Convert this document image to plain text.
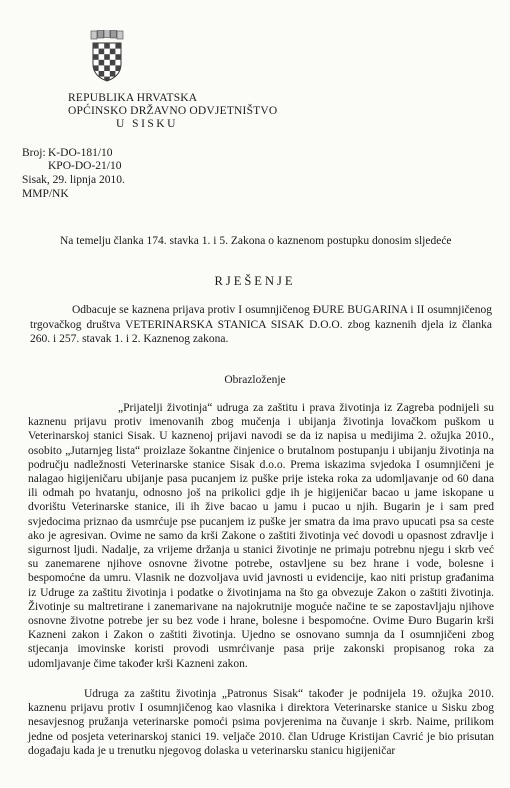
REPUBLIKA HRVATSKA
OPĆINSKO DRŽAVNO ODVJETNIŠTVO
U SISKU
Broj: K-DO-181/10
KPO-DO-21/10
Sisak, 29. lipnja 2010.
MMP/NK
Na temelju članka 174. stavka 1. i 5. Zakona o kaznenom postupku donosim sljedeće
RJEŠENJE
Odbacuje se kaznena prijava protiv I osumnjičenog ĐURE BUGARINA i II osumnjičenog trgovačkog društva VETERINARSKA STANICA SISAK D.O.O. zbog kaznenih djela iz članka 260. i 257. stavak 1. i 2. Kaznenog zakona.
Obrazloženje
„Prijatelji životinja“ udruga za zaštitu i prava životinja iz Zagreba podnijeli su kaznenu prijavu protiv imenovanih zbog mučenja i ubijanja životinja lovačkom puškom u Veterinarskoj stanici Sisak. U kaznenoj prijavi navodi se da iz napisa u medijima 2. ožujka 2010., osobito „Jutarnjeg lista“ proizlaze šokantne činjenice o brutalnom postupanju i ubijanju životinja na području nadležnosti Veterinarske stanice Sisak d.o.o. Prema iskazima svjedoka I osumnjičeni je nalagao higijeničaru ubijanje pasa pucanjem iz puške prije isteka roka za udomljavanje od 60 dana ili odmah po hvatanju, odnosno još na prikolici gdje ih je higijeničar bacao u jame iskopane u dvorištu Veterinarske stanice, ili ih žive bacao u jamu i pucao u njih. Bugarin je i sam pred svjedocima priznao da usmrćuje pse pucanjem iz puške jer smatra da ima pravo upucati psa sa ceste ako je agresivan. Ovime ne samo da krši Zakone o zaštiti životinja već dovodi u opasnost zdravlje i sigurnost ljudi. Nadalje, za vrijeme držanja u stanici životinje ne primaju potrebnu njegu i skrb već su zanemarene njihove osnovne životne potrebe, ostavljene su bez hrane i vode, bolesne i bespomoćne da umru. Vlasnik ne dozvoljava uvid javnosti u evidencije, kao niti pristup građanima iz Udruge za zaštitu životinja i podatke o životinjama na što ga obvezuje Zakon o zaštiti životinja. Životinje su maltretirane i zanemarivane na najokrutnije moguće načine te se zapostavljaju njihove osnovne životne potrebe jer su bez vode i hrane, bolesne i bespomoćne. Ovime Đuro Bugarin krši Kazneni zakon i Zakon o zaštiti životinja. Ujedno se osnovano sumnja da I osumnjičeni zbog stjecanja imovinske koristi provodi usmrćivanje pasa prije zakonski propisanog roka za udomljavanje čime također krši Kazneni zakon.
Udruga za zaštitu životinja „Patronus Sisak“ također je podnijela 19. ožujka 2010. kaznenu prijavu protiv I osumnjičenog kao vlasnika i direktora Veterinarske stanice u Sisku zbog nesavjesnog pružanja veterinarske pomoći psima povjerenima na čuvanje i skrb. Naime, prilikom jedne od posjeta veterinarskoj stanici 19. veljače 2010. član Udruge Kristijan Cavrić je bio prisutan događaju kada je u trenutku njegovog dolaska u veterinarsku stanicu higijeničar
